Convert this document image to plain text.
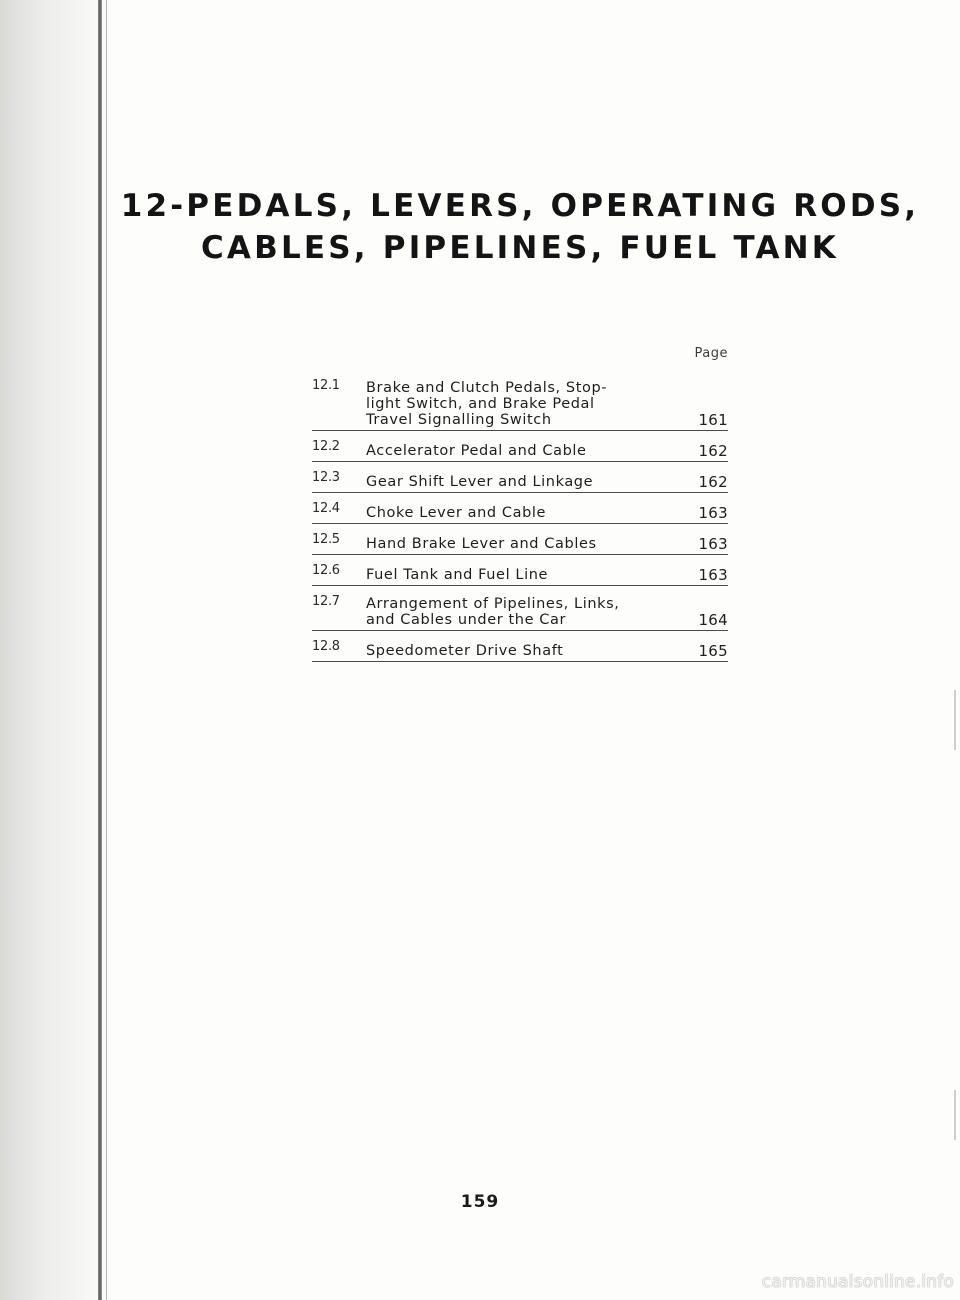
12-PEDALS, LEVERS, OPERATING RODS,
CABLES, PIPELINES, FUEL TANK
Page
12.1	Brake and Clutch Pedals, Stop-light Switch, and Brake Pedal Travel Signalling Switch	161
12.2	Accelerator Pedal and Cable	162
12.3	Gear Shift Lever and Linkage	162
12.4	Choke Lever and Cable	163
12.5	Hand Brake Lever and Cables	163
12.6	Fuel Tank and Fuel Line	163
12.7	Arrangement of Pipelines, Links, and Cables under the Car	164
12.8	Speedometer Drive Shaft	165
159
carmanualsonline.info
